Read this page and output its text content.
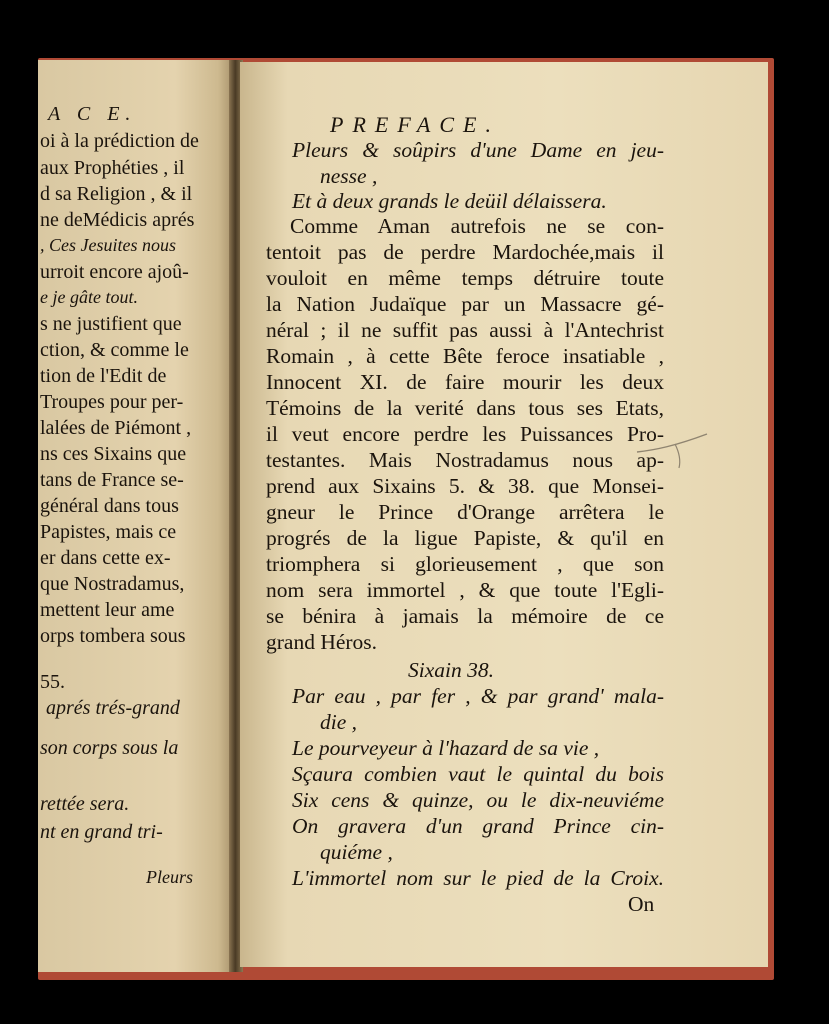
A C E.
oi à la prédiction de
aux Prophéties , il
d sa Religion , & il
ne deMédicis aprés
, Ces Jesuites nous
urroit encore ajoû-
e je gâte tout.
s ne justifient que
ction, & comme le
tion de l'Edit de
Troupes pour per-
lalées de Piémont ,
ns ces Sixains que
tans de France se-
général dans tous
Papistes, mais ce
er dans cette ex-
que Nostradamus,
mettent leur ame
orps tombera sous
55.
aprés trés-grand
son corps sous la
rettée sera.
nt en grand tri-
Pleurs
PREFACE.
Pleurs & soûpirs d'une Dame en jeu-
nesse ,
Et à deux grands le deüil délaissera.
Comme Aman autrefois ne se con-
tentoit pas de perdre Mardochée,mais il
vouloit en même temps détruire toute
la Nation Judaïque par un Massacre gé-
néral ; il ne suffit pas aussi à l'Antechrist
Romain , à cette Bête feroce insatiable ,
Innocent XI. de faire mourir les deux
Témoins de la verité dans tous ses Etats,
il veut encore perdre les Puissances Pro-
testantes. Mais Nostradamus nous ap-
prend aux Sixains 5. & 38. que Monsei-
gneur le Prince d'Orange arrêtera le
progrés de la ligue Papiste, & qu'il en
triomphera si glorieusement , que son
nom sera immortel , & que toute l'Egli-
se bénira à jamais la mémoire de ce
grand Héros.
Sixain 38.
Par eau , par fer , & par grand' mala-
die ,
Le pourveyeur à l'hazard de sa vie ,
Sçaura combien vaut le quintal du bois
Six cens & quinze, ou le dix-neuviéme
On gravera d'un grand Prince cin-
quiéme ,
L'immortel nom sur le pied de la Croix.
On
